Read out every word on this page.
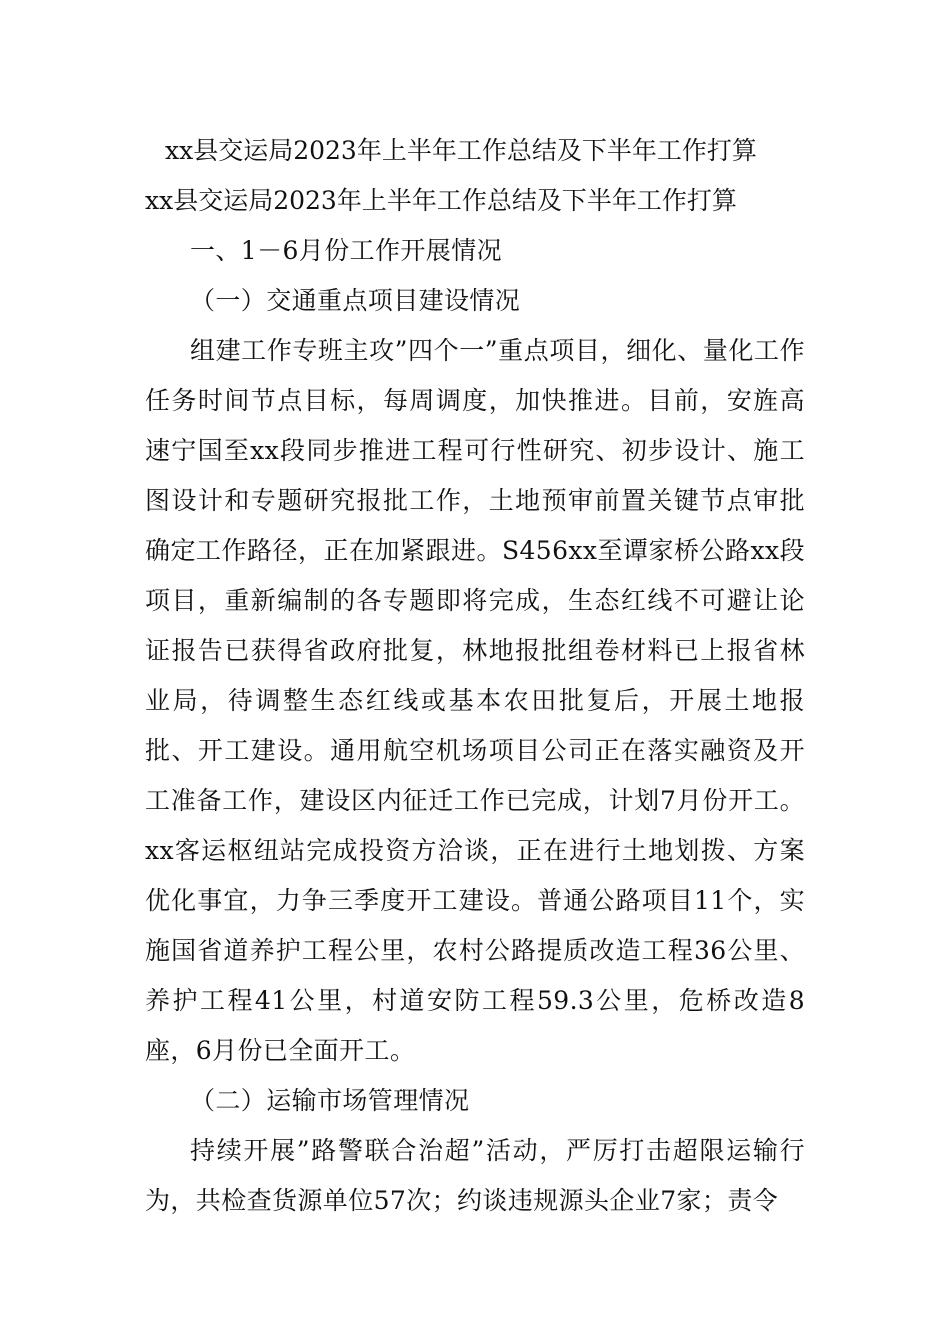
xx县交运局2023年上半年工作总结及下半年工作打算
xx县交运局2023年上半年工作总结及下半年工作打算

一、1－6月份工作开展情况

（一）交通重点项目建设情况

组建工作专班主攻”四个一”重点项目，细化、量化工作任务时间节点目标，每周调度，加快推进。目前，安旌高速宁国至xx段同步推进工程可行性研究、初步设计、施工图设计和专题研究报批工作，土地预审前置关键节点审批确定工作路径，正在加紧跟进。S456xx至谭家桥公路xx段项目，重新编制的各专题即将完成，生态红线不可避让论证报告已获得省政府批复，林地报批组卷材料已上报省林业局，待调整生态红线或基本农田批复后，开展土地报批、开工建设。通用航空机场项目公司正在落实融资及开工准备工作，建设区内征迁工作已完成，计划7月份开工。xx客运枢纽站完成投资方洽谈，正在进行土地划拨、方案优化事宜，力争三季度开工建设。普通公路项目11个，实施国省道养护工程公里，农村公路提质改造工程36公里、养护工程41公里，村道安防工程59.3公里，危桥改造8座，6月份已全面开工。

（二）运输市场管理情况

持续开展”路警联合治超”活动，严厉打击超限运输行为，共检查货源单位57次；约谈违规源头企业7家；责令
